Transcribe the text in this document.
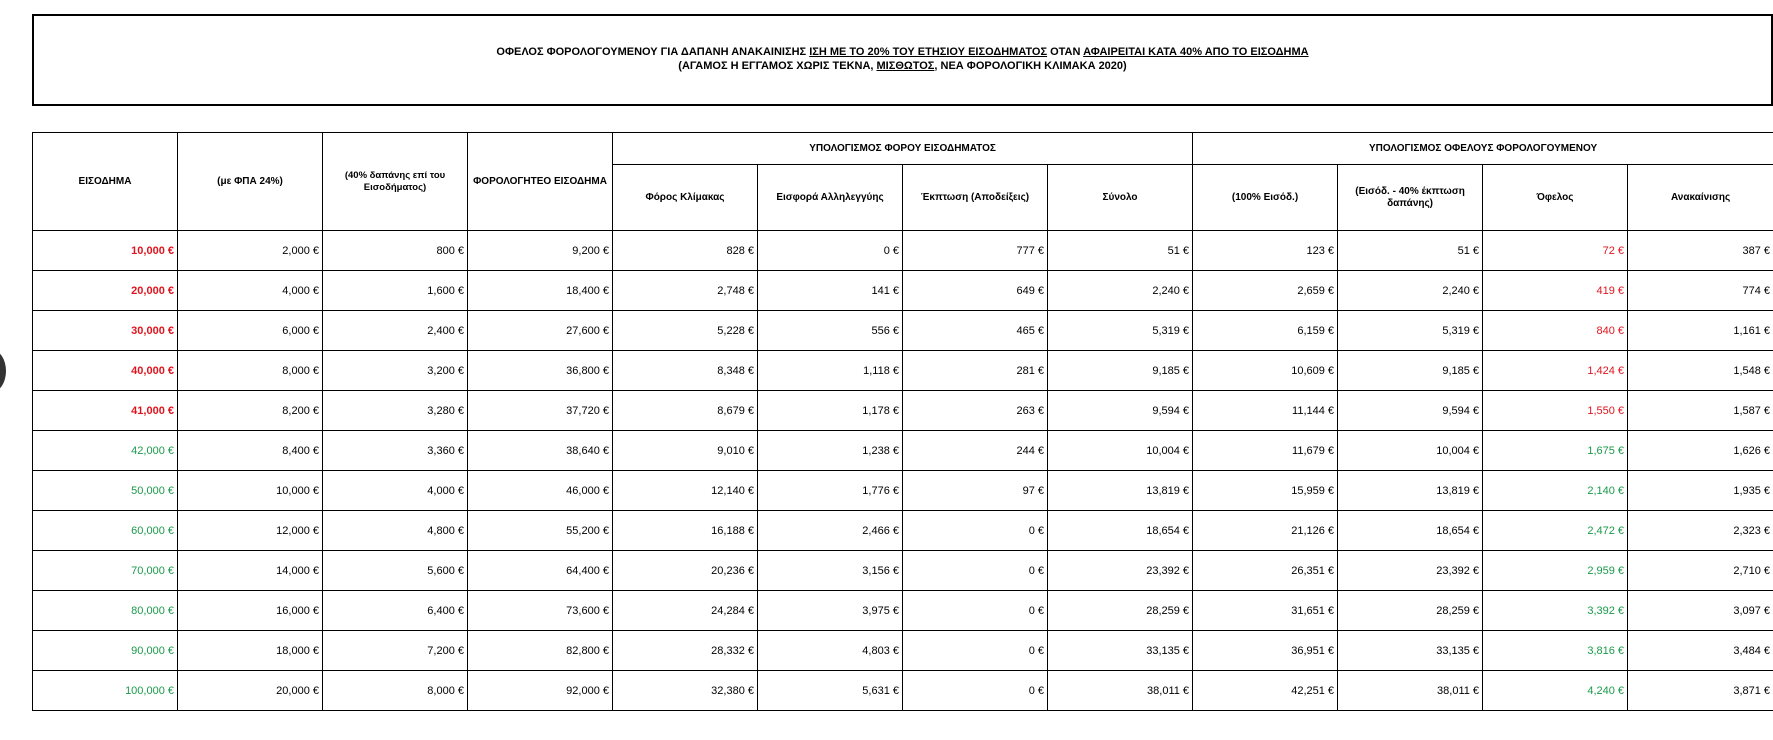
ΟΦΕΛΟΣ ΦΟΡΟΛΟΓΟΥΜΕΝΟΥ ΓΙΑ ΔΑΠΑΝΗ ΑΝΑΚΑΙΝΙΣΗΣ ΙΣΗ ΜΕ ΤΟ 20% ΤΟΥ ΕΤΗΣΙΟΥ ΕΙΣΟΔΗΜΑΤΟΣ ΟΤΑΝ ΑΦΑΙΡΕΙΤΑΙ ΚΑΤΑ 40% ΑΠΟ ΤΟ ΕΙΣΟΔΗΜΑ
(ΑΓΑΜΟΣ Η ΕΓΓΑΜΟΣ ΧΩΡΙΣ ΤΕΚΝΑ, ΜΙΣΘΩΤΟΣ, ΝΕΑ ΦΟΡΟΛΟΓΙΚΗ ΚΛΙΜΑΚΑ 2020)
ΕΙΣΟΔΗΜΑ	(με ΦΠΑ 24%)	(40% δαπάνης επί του Εισοδήματος)	ΦΟΡΟΛΟΓΗΤΕΟ ΕΙΣΟΔΗΜΑ	ΥΠΟΛΟΓΙΣΜΟΣ ΦΟΡΟΥ ΕΙΣΟΔΗΜΑΤΟΣ				ΥΠΟΛΟΓΙΣΜΟΣ ΟΦΕΛΟΥΣ ΦΟΡΟΛΟΓΟΥΜΕΝΟΥ			
				Φόρος Κλίμακας	Εισφορά Αλληλεγγύης	Έκπτωση (Αποδείξεις)	Σύνολο	(100% Εισόδ.)	(Εισόδ. - 40% έκπτωση δαπάνης)	Όφελος	Ανακαίνισης
10,000 €	2,000 €	800 €	9,200 €	828 €	0 €	777 €	51 €	123 €	51 €	72 €	387 €
20,000 €	4,000 €	1,600 €	18,400 €	2,748 €	141 €	649 €	2,240 €	2,659 €	2,240 €	419 €	774 €
30,000 €	6,000 €	2,400 €	27,600 €	5,228 €	556 €	465 €	5,319 €	6,159 €	5,319 €	840 €	1,161 €
40,000 €	8,000 €	3,200 €	36,800 €	8,348 €	1,118 €	281 €	9,185 €	10,609 €	9,185 €	1,424 €	1,548 €
41,000 €	8,200 €	3,280 €	37,720 €	8,679 €	1,178 €	263 €	9,594 €	11,144 €	9,594 €	1,550 €	1,587 €
42,000 €	8,400 €	3,360 €	38,640 €	9,010 €	1,238 €	244 €	10,004 €	11,679 €	10,004 €	1,675 €	1,626 €
50,000 €	10,000 €	4,000 €	46,000 €	12,140 €	1,776 €	97 €	13,819 €	15,959 €	13,819 €	2,140 €	1,935 €
60,000 €	12,000 €	4,800 €	55,200 €	16,188 €	2,466 €	0 €	18,654 €	21,126 €	18,654 €	2,472 €	2,323 €
70,000 €	14,000 €	5,600 €	64,400 €	20,236 €	3,156 €	0 €	23,392 €	26,351 €	23,392 €	2,959 €	2,710 €
80,000 €	16,000 €	6,400 €	73,600 €	24,284 €	3,975 €	0 €	28,259 €	31,651 €	28,259 €	3,392 €	3,097 €
90,000 €	18,000 €	7,200 €	82,800 €	28,332 €	4,803 €	0 €	33,135 €	36,951 €	33,135 €	3,816 €	3,484 €
100,000 €	20,000 €	8,000 €	92,000 €	32,380 €	5,631 €	0 €	38,011 €	42,251 €	38,011 €	4,240 €	3,871 €
